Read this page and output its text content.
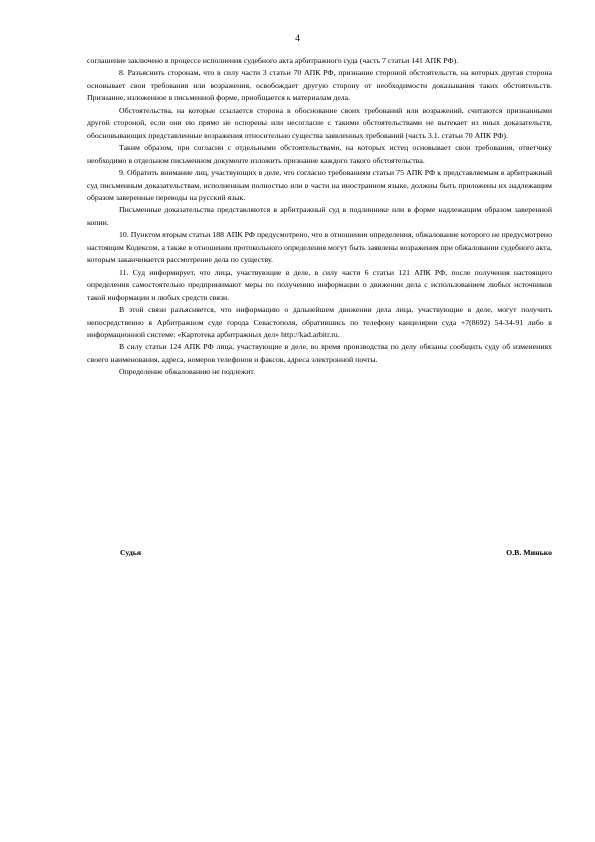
4

соглашение заключено в процессе исполнения судебного акта арбитражного суда (часть 7 статьи 141 АПК РФ).

8. Разъяснить сторонам, что в силу части 3 статьи 70 АПК РФ, признание стороной обстоятельств, на которых другая сторона основывает свои требования или возражения, освобождает другую сторону от необходимости доказывания таких обстоятельств. Признание, изложенное в письменной форме, приобщается к материалам дела.

Обстоятельства, на которые ссылается сторона в обоснование своих требований или возражений, считаются признанными другой стороной, если они ею прямо не оспорены или несогласие с такими обстоятельствами не вытекает из иных доказательств, обосновывающих представленные возражения относительно существа заявленных требований (часть 3.1. статьи 70 АПК РФ).

Таким образом, при согласии с отдельными обстоятельствами, на которых истец основывает свои требования, ответчику необходимо в отдельном письменном документе изложить признание каждого такого обстоятельства.

9. Обратить внимание лиц, участвующих в деле, что согласно требованиям статьи 75 АПК РФ к представляемым в арбитражный суд письменным доказательствам, исполненным полностью или в части на иностранном языке, должны быть приложены их надлежащим образом заверенные переводы на русский язык.

Письменные доказательства представляются в арбитражный суд в подлиннике или в форме надлежащим образом заверенной копии.

10. Пунктом вторым статьи 188 АПК РФ предусмотрено, что в отношении определения, обжалование которого не предусмотрено настоящим Кодексом, а также в отношении протокольного определения могут быть заявлены возражения при обжаловании судебного акта, которым заканчивается рассмотрение дела по существу.

11. Суд информирует, что лица, участвующие в деле, в силу части 6 статьи 121 АПК РФ, после получения настоящего определения самостоятельно предпринимают меры по получению информации о движении дела с использованием любых источников такой информации и любых средств связи.

В этой связи разъясняется, что информацию о дальнейшем движении дела лица, участвующие в деле, могут получить непосредственно в Арбитражном суде города Севастополя, обратившись по телефону канцелярии суда +7(8692) 54-34-91 либо в информационной системе: «Картотека арбитражных дел» http://kad.arbitr.ru.

В силу статьи 124 АПК РФ лица, участвующие в деле, во время производства по делу обязаны сообщить суду об изменениях своего наименования, адреса, номеров телефонов и факсов, адреса электронной почты.

Определение обжалованию не подлежит.

Судья	О.В. Минько
